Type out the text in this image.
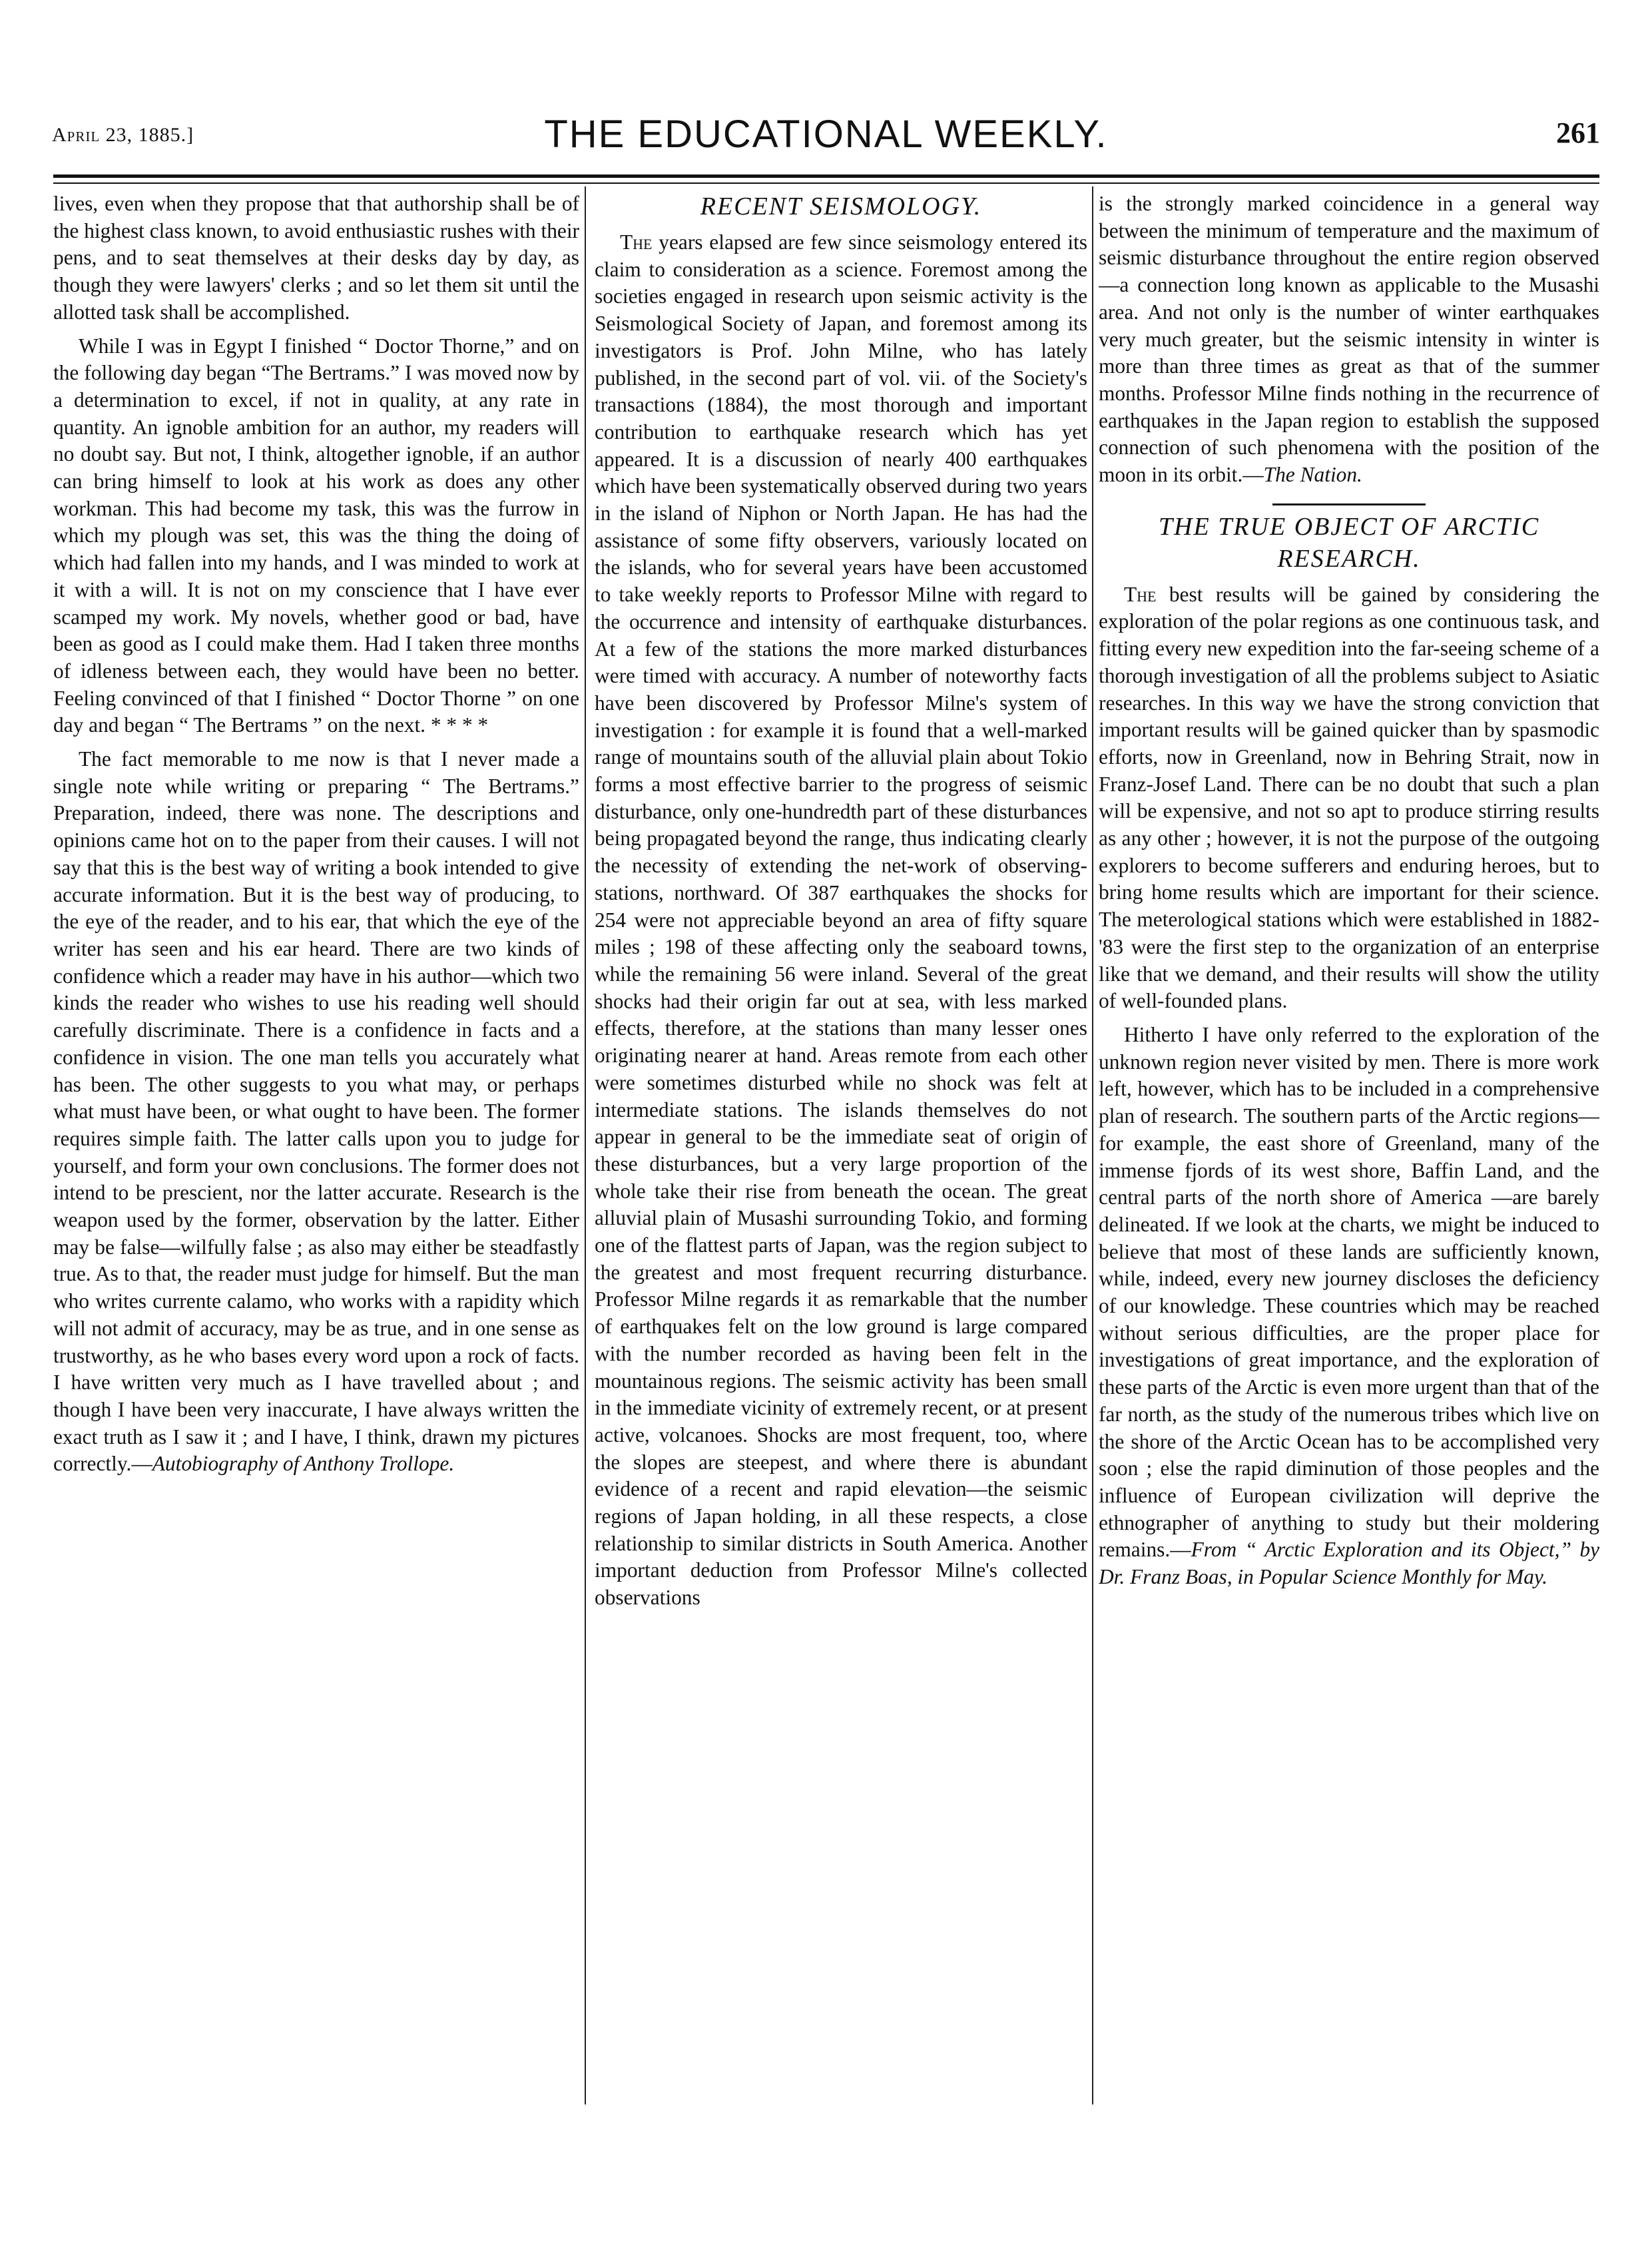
April 23, 1885.]	THE EDUCATIONAL WEEKLY.	261

lives, even when they propose that that authorship shall be of the highest class known, to avoid enthusiastic rushes with their pens, and to seat themselves at their desks day by day, as though they were lawyers' clerks ; and so let them sit until the allotted task shall be accomplished.

While I was in Egypt I finished “ Doctor Thorne,” and on the following day began “The Bertrams.” I was moved now by a determination to excel, if not in quality, at any rate in quantity. An ignoble ambition for an author, my readers will no doubt say. But not, I think, altogether ignoble, if an author can bring himself to look at his work as does any other workman. This had become my task, this was the furrow in which my plough was set, this was the thing the doing of which had fallen into my hands, and I was minded to work at it with a will. It is not on my conscience that I have ever scamped my work. My novels, whether good or bad, have been as good as I could make them. Had I taken three months of idleness between each, they would have been no better. Feeling convinced of that I finished “ Doctor Thorne ” on one day and began “ The Bertrams ” on the next. * * * *

The fact memorable to me now is that I never made a single note while writing or preparing “ The Bertrams.” Preparation, indeed, there was none. The descriptions and opinions came hot on to the paper from their causes. I will not say that this is the best way of writing a book intended to give accurate information. But it is the best way of producing, to the eye of the reader, and to his ear, that which the eye of the writer has seen and his ear heard. There are two kinds of confidence which a reader may have in his author—which two kinds the reader who wishes to use his reading well should carefully discriminate. There is a confidence in facts and a confidence in vision. The one man tells you accurately what has been. The other suggests to you what may, or perhaps what must have been, or what ought to have been. The former requires simple faith. The latter calls upon you to judge for yourself, and form your own conclusions. The former does not intend to be prescient, nor the latter accurate. Research is the weapon used by the former, observation by the latter. Either may be false—wilfully false ; as also may either be steadfastly true. As to that, the reader must judge for himself. But the man who writes currente calamo, who works with a rapidity which will not admit of accuracy, may be as true, and in one sense as trustworthy, as he who bases every word upon a rock of facts. I have written very much as I have travelled about ; and though I have been very inaccurate, I have always written the exact truth as I saw it ; and I have, I think, drawn my pictures correctly.—Autobiography of Anthony Trollope.

RECENT SEISMOLOGY.

The years elapsed are few since seismology entered its claim to consideration as a science. Foremost among the societies engaged in research upon seismic activity is the Seismological Society of Japan, and foremost among its investigators is Prof. John Milne, who has lately published, in the second part of vol. vii. of the Society's transactions (1884), the most thorough and important contribution to earthquake research which has yet appeared. It is a discussion of nearly 400 earthquakes which have been systematically observed during two years in the island of Niphon or North Japan. He has had the assistance of some fifty observers, variously located on the islands, who for several years have been accustomed to take weekly reports to Professor Milne with regard to the occurrence and intensity of earthquake disturbances. At a few of the stations the more marked disturbances were timed with accuracy. A number of noteworthy facts have been discovered by Professor Milne's system of investigation : for example it is found that a well-marked range of mountains south of the alluvial plain about Tokio forms a most effective barrier to the progress of seismic disturbance, only one-hundredth part of these disturbances being propagated beyond the range, thus indicating clearly the necessity of extending the net-work of observing-stations, northward. Of 387 earthquakes the shocks for 254 were not appreciable beyond an area of fifty square miles ; 198 of these affecting only the seaboard towns, while the remaining 56 were inland. Several of the great shocks had their origin far out at sea, with less marked effects, therefore, at the stations than many lesser ones originating nearer at hand. Areas remote from each other were sometimes disturbed while no shock was felt at intermediate stations. The islands themselves do not appear in general to be the immediate seat of origin of these disturbances, but a very large proportion of the whole take their rise from beneath the ocean. The great alluvial plain of Musashi surrounding Tokio, and forming one of the flattest parts of Japan, was the region subject to the greatest and most frequent recurring disturbance. Professor Milne regards it as remarkable that the number of earthquakes felt on the low ground is large compared with the number recorded as having been felt in the mountainous regions. The seismic activity has been small in the immediate vicinity of extremely recent, or at present active, volcanoes. Shocks are most frequent, too, where the slopes are steepest, and where there is abundant evidence of a recent and rapid elevation—the seismic regions of Japan holding, in all these respects, a close relationship to similar districts in South America. Another important deduction from Professor Milne's collected observations

is the strongly marked coincidence in a general way between the minimum of temperature and the maximum of seismic disturbance throughout the entire region observed —a connection long known as applicable to the Musashi area. And not only is the number of winter earthquakes very much greater, but the seismic intensity in winter is more than three times as great as that of the summer months. Professor Milne finds nothing in the recurrence of earthquakes in the Japan region to establish the supposed connection of such phenomena with the position of the moon in its orbit.—The Nation.

THE TRUE OBJECT OF ARCTIC RESEARCH.

The best results will be gained by considering the exploration of the polar regions as one continuous task, and fitting every new expedition into the far-seeing scheme of a thorough investigation of all the problems subject to Asiatic researches. In this way we have the strong conviction that important results will be gained quicker than by spasmodic efforts, now in Greenland, now in Behring Strait, now in Franz-Josef Land. There can be no doubt that such a plan will be expensive, and not so apt to produce stirring results as any other ; however, it is not the purpose of the outgoing explorers to become sufferers and enduring heroes, but to bring home results which are important for their science. The meterological stations which were established in 1882-'83 were the first step to the organization of an enterprise like that we demand, and their results will show the utility of well-founded plans.

Hitherto I have only referred to the exploration of the unknown region never visited by men. There is more work left, however, which has to be included in a comprehensive plan of research. The southern parts of the Arctic regions—for example, the east shore of Greenland, many of the immense fjords of its west shore, Baffin Land, and the central parts of the north shore of America —are barely delineated. If we look at the charts, we might be induced to believe that most of these lands are sufficiently known, while, indeed, every new journey discloses the deficiency of our knowledge. These countries which may be reached without serious difficulties, are the proper place for investigations of great importance, and the exploration of these parts of the Arctic is even more urgent than that of the far north, as the study of the numerous tribes which live on the shore of the Arctic Ocean has to be accomplished very soon ; else the rapid diminution of those peoples and the influence of European civilization will deprive the ethnographer of anything to study but their moldering remains.—From “ Arctic Exploration and its Object,” by Dr. Franz Boas, in Popular Science Monthly for May.
